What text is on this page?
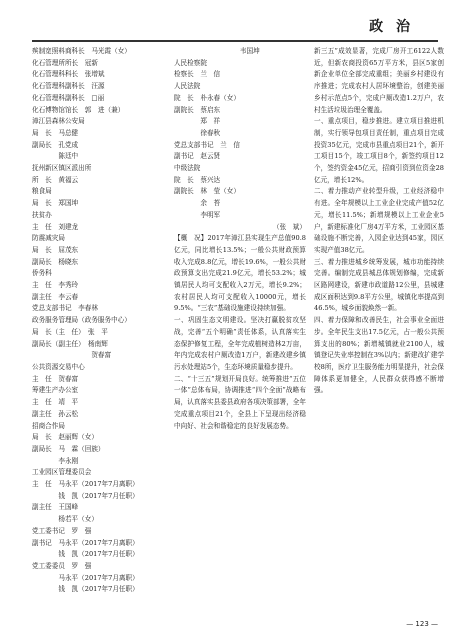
政 治
殡制宽照料商科长　马光霞（女）
化石管理所所长　冠新
化石管理科科长　张增斌
化石管理科副科长　汪源
化石管理科副科长　□丽
化石博物馆馆长　郭　进（兼）
漳江县森林公安局
局　长　马总健
副局长　孔党成
　　　　陈廷中
抚州新区镇区派出所
所　长　黄福云
粮食局
局　长　郑国坤
扶贫办
主　任　刘建龙
防震减灾局
局　长　屈茂东
副局长　杨晓东
侨务科
主　任　李秀玲
副主任　李云春
党总支部书记　李春林
政务服务管理局（政务服务中心）
局　长（主　任）　张　平
副局长（副主任）　杨南辉
　　　　　　　　　贺春富
公共资源交易中心
主　任　贺春富
筹建生产办公室
主　任　靖　平
副主任　孙云松
招商合作局
局　长　赵丽辉（女）
副局长　马　霖（回族）
　　　　李永刚
工业园区管理委员会
主　任　马永平（2017年7月离职）
　　　　钱　凯（2017年7月任职）
副主任　王国峰
　　　　杨若平（女）
党工委书记　罗　强
副书记　马永平（2017年7月离职）
　　　　钱　凯（2017年7月任职）
党工委委员　罗　强
　　　　马永平（2017年7月离职）
　　　　钱　凯（2017年7月任职）
　　　　　　　　　　韦国坤
人民检察院
检察长　兰　信
人民法院
院　长　朴永春（女）
副院长　蔡启东
　　　　郑　祥
　　　　徐春秋
党总支部书记　兰　信
副书记　赵云贤
中级法院
院　长　蔡兴达
副院长　林　莹（女）
　　　　余　苔
　　　　李明军
（张　斌）
【概　况】2017年漳江县实现生产总值90.8亿元，同比增长13.5%；一般公共财政预算收入完成8.8亿元，增长19.6%，一般公共财政预算支出完成21.9亿元，增长53.2%；城镇居民人均可支配收入2万元，增长9.2%；农村居民人均可支配收入10000元，增长9.5%。“三农”基础设施建设持续加强。
一、巩固生态文明建设。坚决打赢脱贫攻坚战，完善“五个明确”责任体系，认真落实生态保护修复工程，全年完成植树造林2万亩，年内完成农村户厕改造1万户，新建改建乡镇污水处理站5个，生态环境质量稳步提升。
二、“十三五”规划开局良好。统筹推进“五位一体”总体布局，协调推进“四个全面”战略布局，认真落实县委县政府各项决策部署，全年完成重点项目21个，全县上下呈现出经济稳中向好、社会和谐稳定的良好发展态势。
新三五”成效显著，完成厂房开工6122人数近，但新农商投资65万平方米，县区5家创新企业单位全部完成重组；美丽乡村建设有序推进；完成农村人居环境整治，创建美丽乡村示范点5个，完成户厕改造1.2万户，农村生活垃圾治理全覆盖。
一、重点项目，稳步推进。建立项目推进机制，实行领导包项目责任制，重点项目完成投资35亿元，完成市县重点项目21个，新开工项目15个，竣工项目8个，新签约项目12个，签约资金45亿元，招商引资到位资金28亿元，增长12%。
二、着力推动产业转型升级，工业经济稳中有进。全年规模以上工业企业完成产值52亿元，增长11.5%；新增规模以上工业企业5户，新建标准化厂房4万平方米，工业园区基础设施不断完善，入园企业达到45家，园区实现产值38亿元。
三、着力推进城乡统筹发展，城市功能持续完善。编制完成县城总体规划修编，完成新区路网建设，新建市政道路12公里，县城建成区面积达到9.8平方公里，城镇化率提高到46.5%，城乡面貌焕然一新。
四、着力保障和改善民生，社会事业全面进步。全年民生支出17.5亿元，占一般公共预算支出的80%；新增城镇就业2100人，城镇登记失业率控制在3%以内；新建改扩建学校8所，医疗卫生服务能力明显提升，社会保障体系更加健全，人民群众获得感不断增强。
— 123 —
